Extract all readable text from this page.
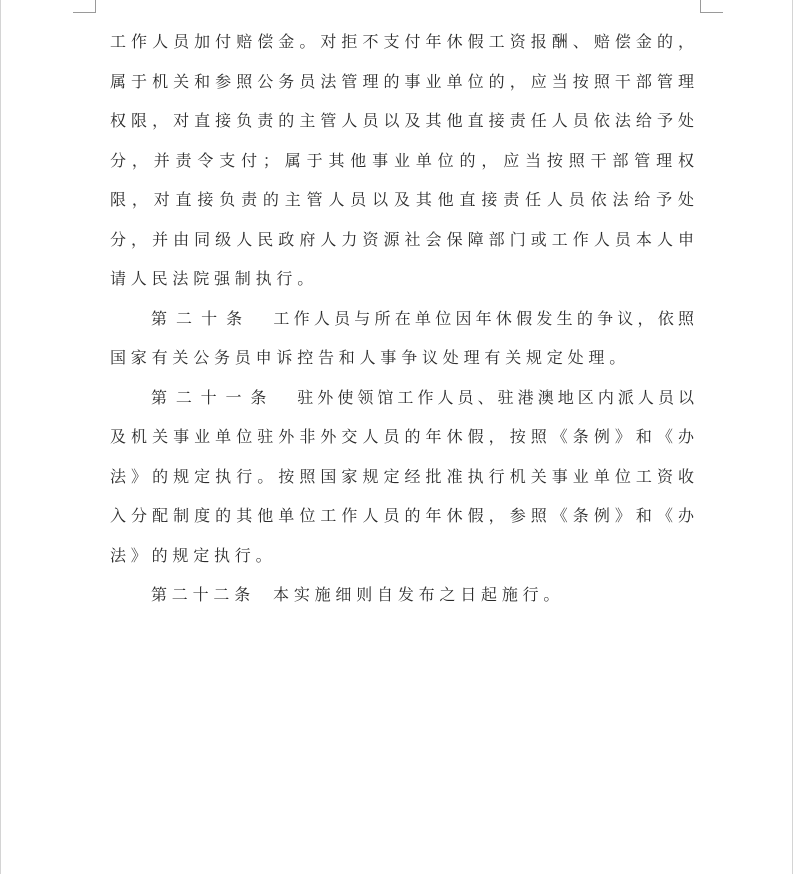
工作人员加付赔偿金。对拒不支付年休假工资报酬、赔偿金的，
属于机关和参照公务员法管理的事业单位的，应当按照干部管理
权限，对直接负责的主管人员以及其他直接责任人员依法给予处
分，并责令支付；属于其他事业单位的，应当按照干部管理权
限，对直接负责的主管人员以及其他直接责任人员依法给予处
分，并由同级人民政府人力资源社会保障部门或工作人员本人申
请人民法院强制执行。
第二十条 工作人员与所在单位因年休假发生的争议，依照
国家有关公务员申诉控告和人事争议处理有关规定处理。
第二十一条 驻外使领馆工作人员、驻港澳地区内派人员以
及机关事业单位驻外非外交人员的年休假，按照《条例》和《办
法》的规定执行。按照国家规定经批准执行机关事业单位工资收
入分配制度的其他单位工作人员的年休假，参照《条例》和《办
法》的规定执行。
第二十二条 本实施细则自发布之日起施行。
